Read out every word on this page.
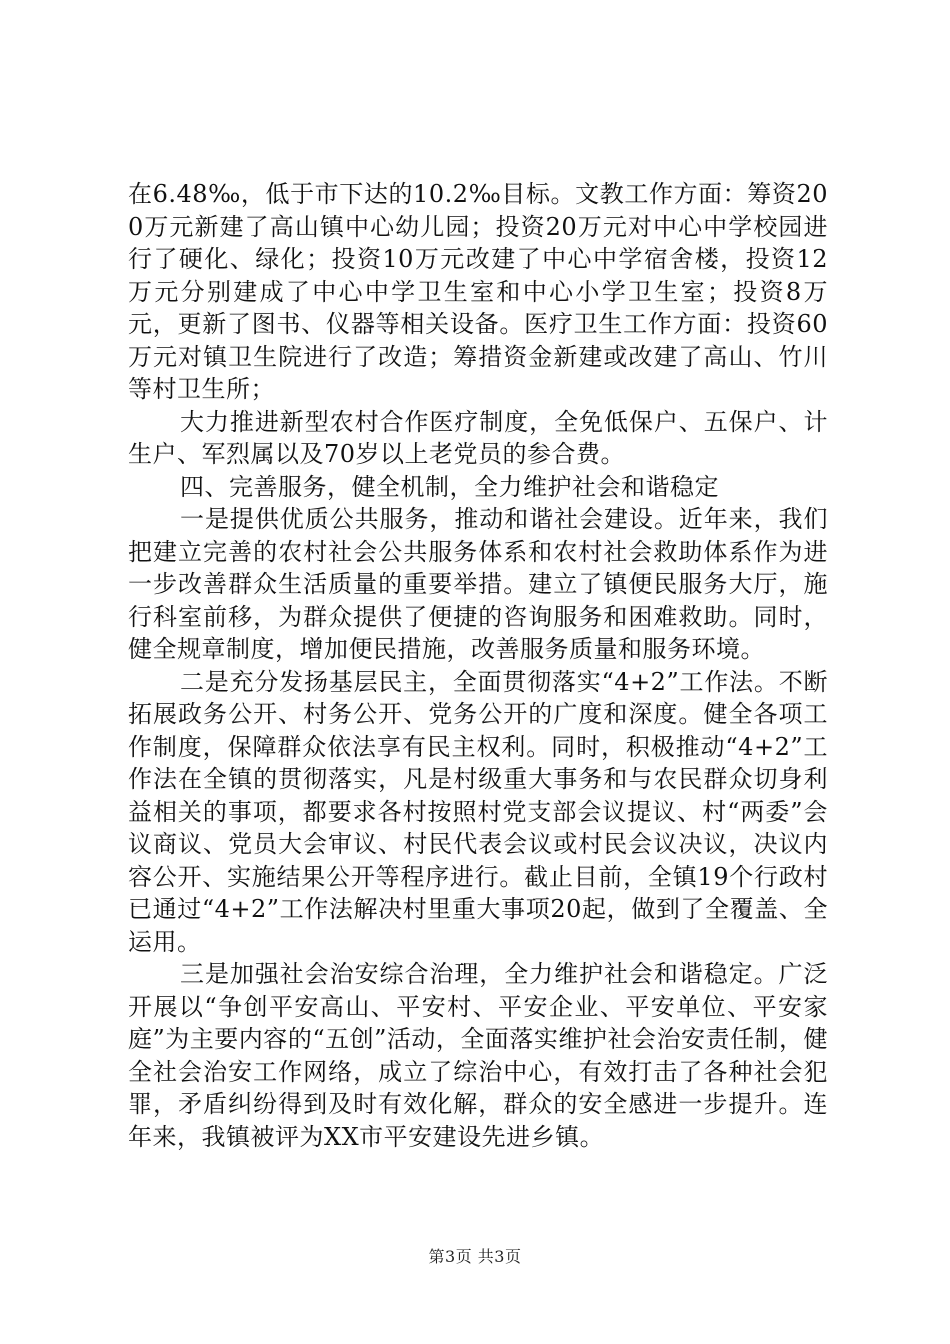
在6.48‰，低于市下达的10.2‰目标。文教工作方面：筹资200万元新建了高山镇中心幼儿园；投资20万元对中心中学校园进行了硬化、绿化；投资10万元改建了中心中学宿舍楼，投资12万元分别建成了中心中学卫生室和中心小学卫生室；投资8万元，更新了图书、仪器等相关设备。医疗卫生工作方面：投资60万元对镇卫生院进行了改造；筹措资金新建或改建了高山、竹川等村卫生所；

大力推进新型农村合作医疗制度，全免低保户、五保户、计生户、军烈属以及70岁以上老党员的参合费。

四、完善服务，健全机制，全力维护社会和谐稳定

一是提供优质公共服务，推动和谐社会建设。近年来，我们把建立完善的农村社会公共服务体系和农村社会救助体系作为进一步改善群众生活质量的重要举措。建立了镇便民服务大厅，施行科室前移，为群众提供了便捷的咨询服务和困难救助。同时，健全规章制度，增加便民措施，改善服务质量和服务环境。

二是充分发扬基层民主，全面贯彻落实“4+2”工作法。不断拓展政务公开、村务公开、党务公开的广度和深度。健全各项工作制度，保障群众依法享有民主权利。同时，积极推动“4+2”工作法在全镇的贯彻落实，凡是村级重大事务和与农民群众切身利益相关的事项，都要求各村按照村党支部会议提议、村“两委”会议商议、党员大会审议、村民代表会议或村民会议决议，决议内容公开、实施结果公开等程序进行。截止目前，全镇19个行政村已通过“4+2”工作法解决村里重大事项20起，做到了全覆盖、全运用。

三是加强社会治安综合治理，全力维护社会和谐稳定。广泛开展以“争创平安高山、平安村、平安企业、平安单位、平安家庭”为主要内容的“五创”活动，全面落实维护社会治安责任制，健全社会治安工作网络，成立了综治中心，有效打击了各种社会犯罪，矛盾纠纷得到及时有效化解，群众的安全感进一步提升。连年来，我镇被评为XX市平安建设先进乡镇。

第3页 共3页
